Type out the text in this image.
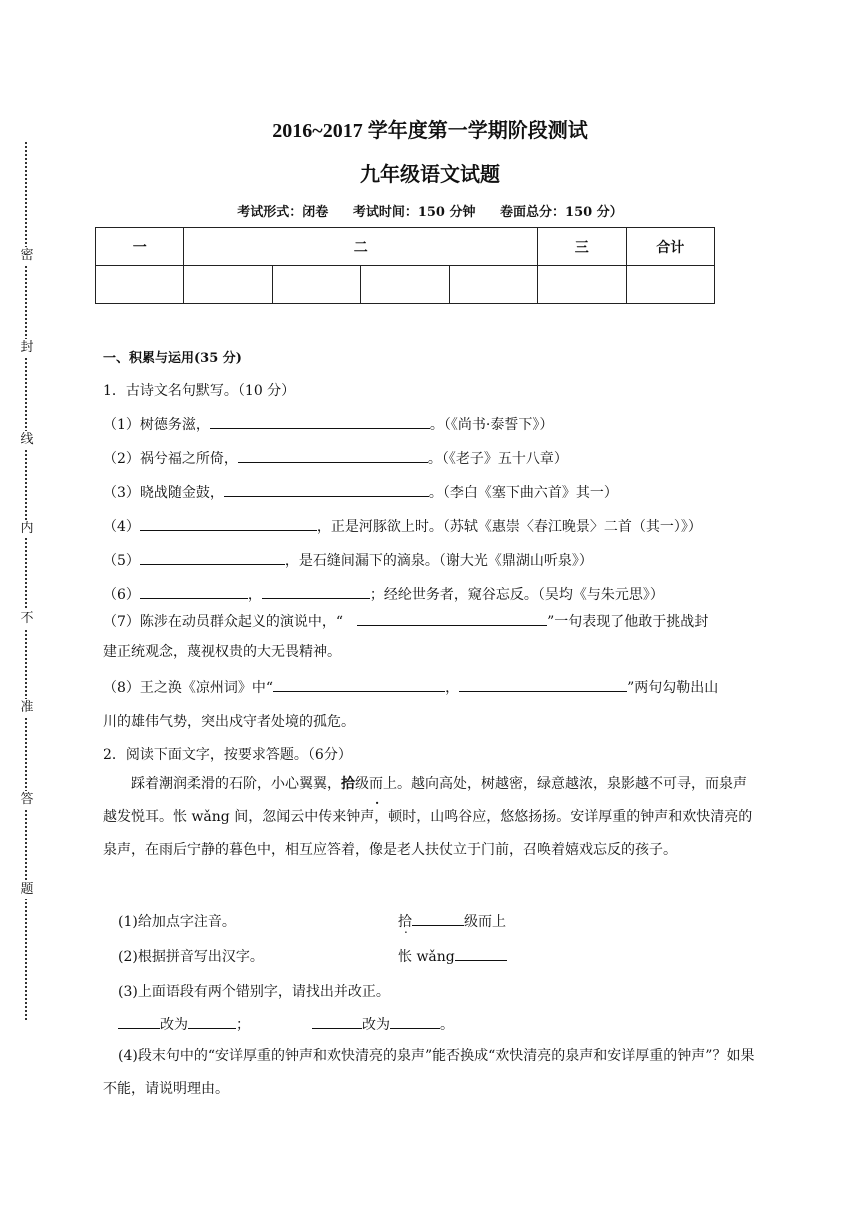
密
封
线
内
不
准
答
题
2016~2017 学年度第一学期阶段测试
九年级语文试题
考试形式：闭卷 考试时间：150 分钟 卷面总分：150 分）
一	二				三	合计

一、积累与运用(35 分)
1．古诗文名句默写。（10 分）
（1）树德务滋，	。（《尚书·泰誓下》）
（2）祸兮福之所倚，	。（《老子》五十八章）
（3）晓战随金鼓，	。（李白《塞下曲六首》其一）
（4）	，正是河豚欲上时。（苏轼《惠崇〈春江晚景〉二首（其一）》）
（5）	，是石缝间漏下的滴泉。（谢大光《鼎湖山听泉》）
（6）	，	；经纶世务者，窥谷忘反。（吴均《与朱元思》）
（7）陈涉在动员群众起义的演说中，“	”一句表现了他敢于挑战封
建正统观念，蔑视权贵的大无畏精神。
（8）王之涣《凉州词》中“	，	”两句勾勒出山
川的雄伟气势，突出戍守者处境的孤危。
2．阅读下面文字，按要求答题。（6分）
踩着潮润柔滑的石阶，小心翼翼，拾 .级而上。越向高处，树越密，绿意越浓，泉影越不可寻，而泉声越发悦耳。怅 wǎng 间，忽闻云中传来钟声，顿时，山鸣谷应，悠悠扬扬。安详厚重的钟声和欢快清亮的泉声，在雨后宁静的暮色中，相互应答着，像是老人扶仗立于门前，召唤着嬉戏忘反的孩子。
(1)给加点字注音。	拾	级而上
(2)根据拼音写出汉字。	怅 wǎng
(3)上面语段有两个错别字，请找出并改正。
改为	；	改为	。
(4)段末句中的“安详厚重的钟声和欢快清亮的泉声”能否换成“欢快清亮的泉声和安详厚重的钟声”？如果不能，请说明理由。
